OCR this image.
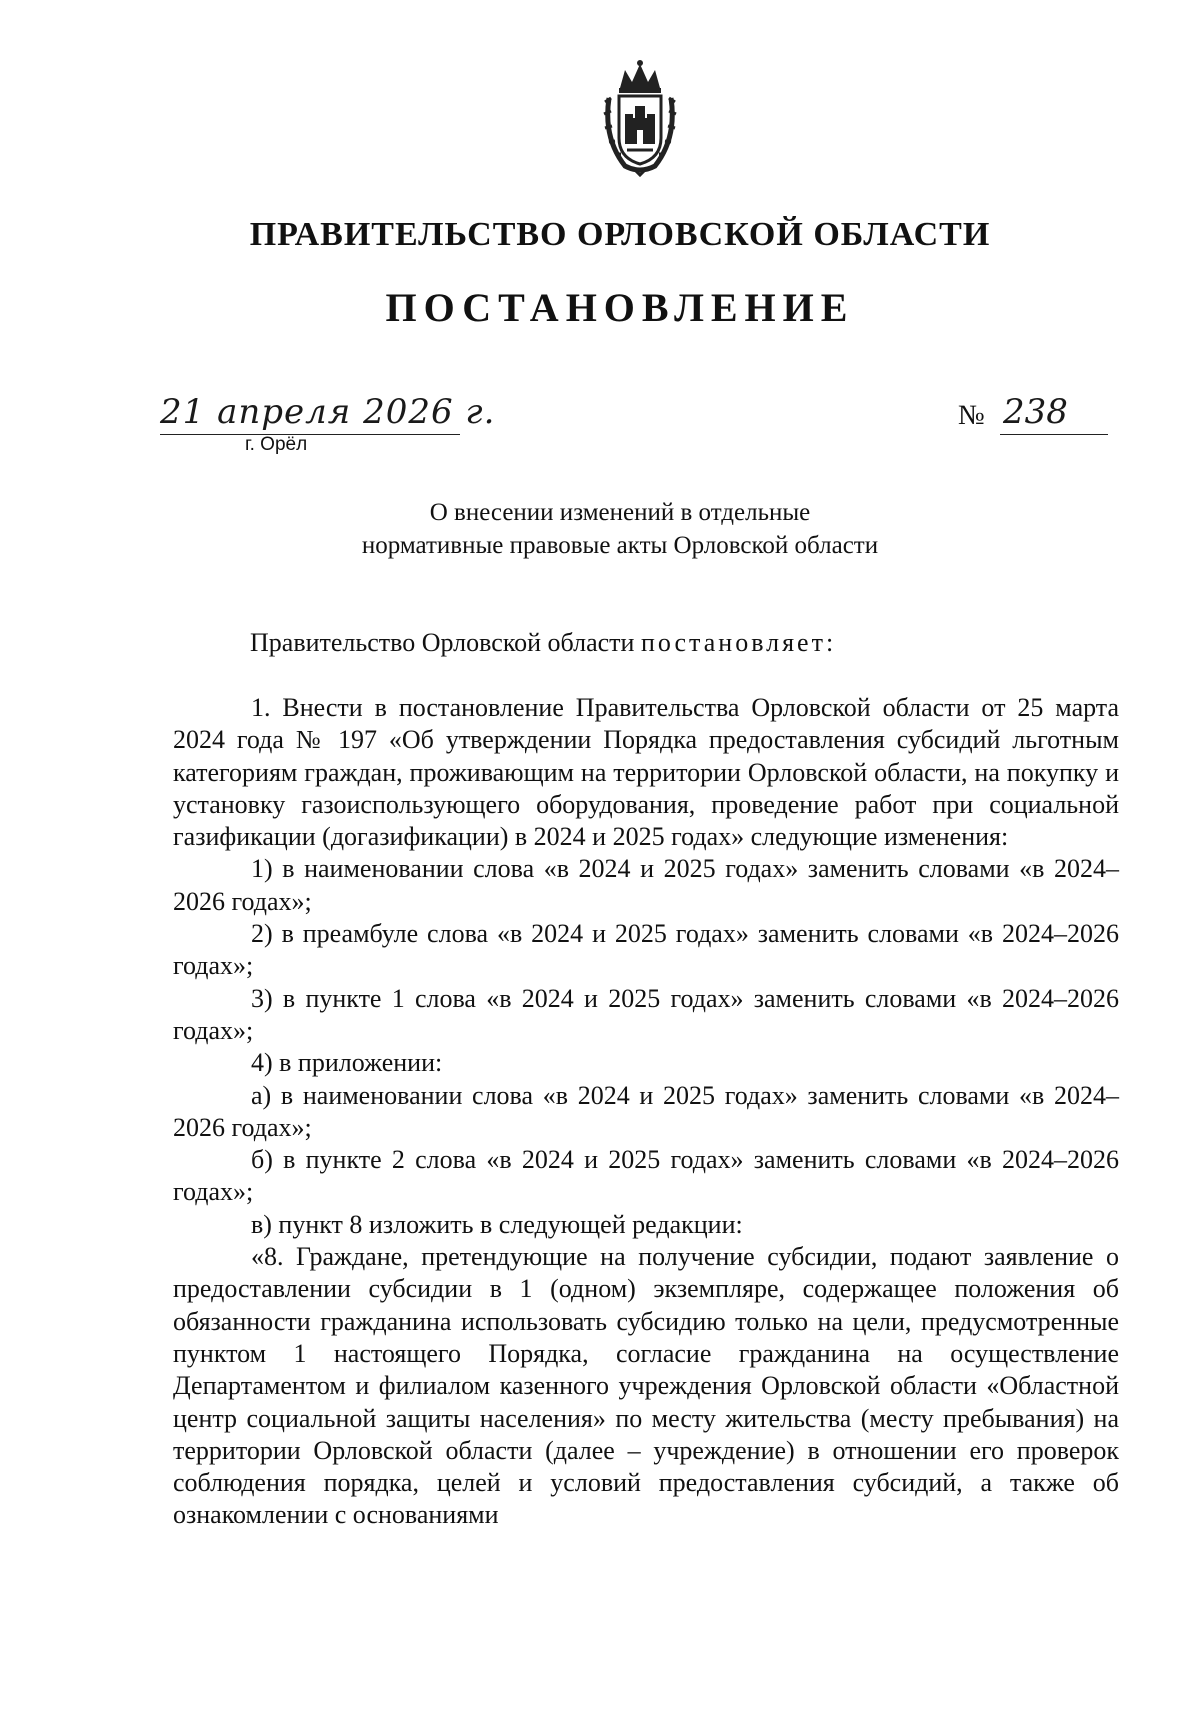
ПРАВИТЕЛЬСТВО ОРЛОВСКОЙ ОБЛАСТИ
ПОСТАНОВЛЕНИЕ
21 апреля 2026 г.
г. Орёл
№ 238
О внесении изменений в отдельные
нормативные правовые акты Орловской области
Правительство Орловской области постановляет:

1. Внести в постановление Правительства Орловской области от 25 марта 2024 года № 197 «Об утверждении Порядка предоставления субсидий льготным категориям граждан, проживающим на территории Орловской области, на покупку и установку газоиспользующего оборудования, проведение работ при социальной газификации (догазификации) в 2024 и 2025 годах» следующие изменения:

1) в наименовании слова «в 2024 и 2025 годах» заменить словами «в 2024–2026 годах»;

2) в преамбуле слова «в 2024 и 2025 годах» заменить словами «в 2024–2026 годах»;

3) в пункте 1 слова «в 2024 и 2025 годах» заменить словами «в 2024–2026 годах»;

4) в приложении:

а) в наименовании слова «в 2024 и 2025 годах» заменить словами «в 2024–2026 годах»;

б) в пункте 2 слова «в 2024 и 2025 годах» заменить словами «в 2024–2026 годах»;

в) пункт 8 изложить в следующей редакции:

«8. Граждане, претендующие на получение субсидии, подают заявление о предоставлении субсидии в 1 (одном) экземпляре, содержащее положения об обязанности гражданина использовать субсидию только на цели, предусмотренные пунктом 1 настоящего Порядка, согласие гражданина на осуществление Департаментом и филиалом казенного учреждения Орловской области «Областной центр социальной защиты населения» по месту жительства (месту пребывания) на территории Орловской области (далее – учреждение) в отношении его проверок соблюдения порядка, целей и условий предоставления субсидий, а также об ознакомлении с основаниями
